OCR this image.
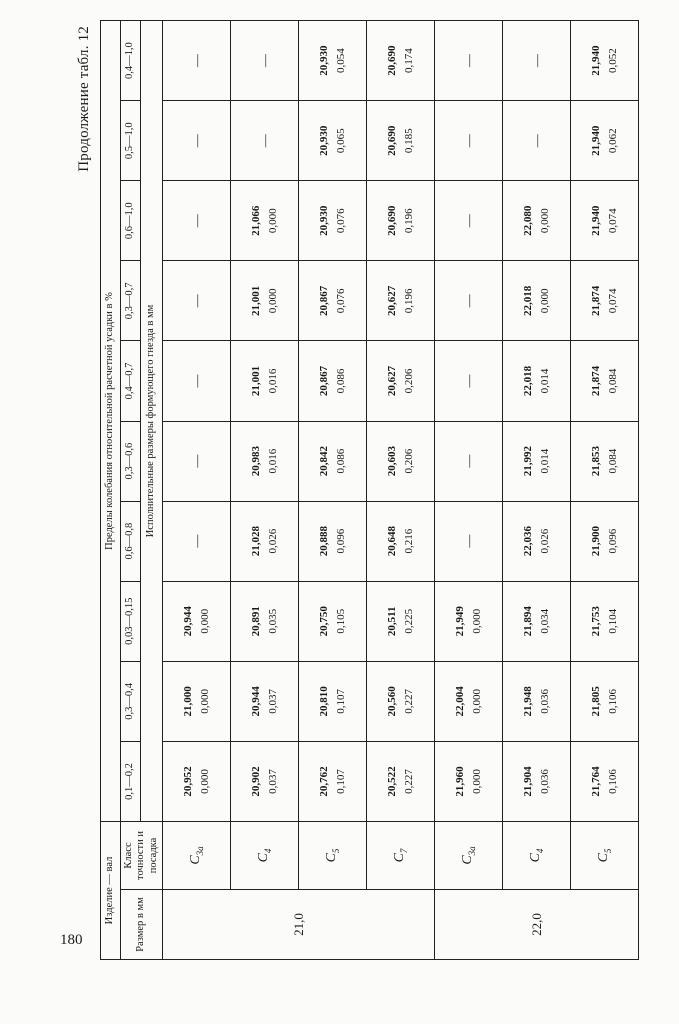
180
Продолжение табл. 12
Изделие — вал		Пределы колебания относительной расчетной усадки в %									
Размер в мм	Класс точности и посадка	0,1—0,2	0,3—0,4	0,03—0,15	0,6—0,8	0,3—0,6	0,4—0,7	0,3—0,7	0,6—1,0	0,5—1,0	0,4—1,0
		Исполнительные размеры формующего гнезда в мм									
21,0	$C_{3a}$	20,952 0,000	21,000 0,000	20,944 0,000	—	—	—	—	—	—	—

	$C_4$	20,902 0,037	20,944 0,037	20,891 0,035	21,028 0,026	20,983 0,016	21,001 0,016	21,001 0,000	21,066 0,000	—	—

	$C_5$	20,762 0,107	20,810 0,107	20,750 0,105	20,888 0,096	20,842 0,086	20,867 0,086	20,867 0,076	20,930 0,076	20,930 0,065	20,930 0,054

	$C_7$	20,522 0,227	20,560 0,227	20,511 0,225	20,648 0,216	20,603 0,206	20,627 0,206	20,627 0,196	20,690 0,196	20,690 0,185	20,690 0,174

22,0	$C_{3a}$	21,960 0,000	22,004 0,000	21,949 0,000	—	—	—	—	—	—	—

	$C_4$	21,904 0,036	21,948 0,036	21,894 0,034	22,036 0,026	21,992 0,014	22,018 0,014	22,018 0,000	22,080 0,000	—	—

	$C_5$	21,764 0,106	21,805 0,106	21,753 0,104	21,900 0,096	21,853 0,084	21,874 0,084	21,874 0,074	21,940 0,074	21,940 0,062	21,940 0,052
